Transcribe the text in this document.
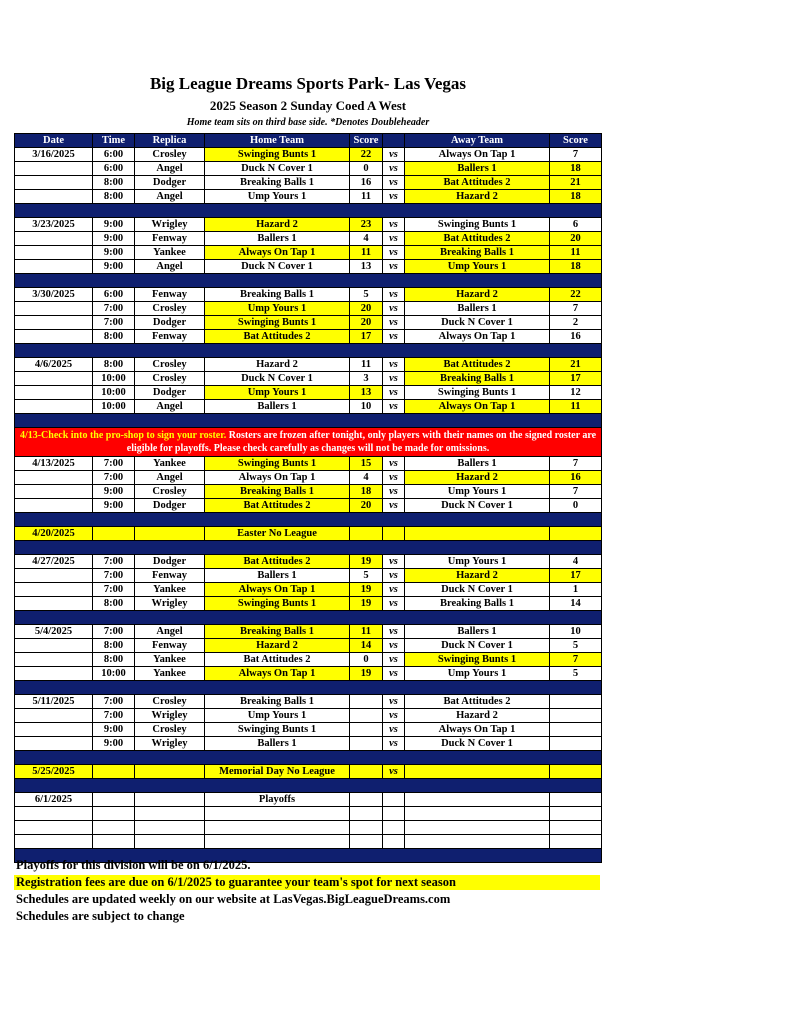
Big League Dreams Sports Park- Las Vegas
2025 Season 2 Sunday Coed A West
Home team sits on third base side. *Denotes Doubleheader
Date	Time	Replica	Home Team	Score		Away Team	Score
3/16/2025	6:00	Crosley	Swinging Bunts 1	22	vs	Always On Tap 1	7
	6:00	Angel	Duck N Cover 1	0	vs	Ballers 1	18
	8:00	Dodger	Breaking Balls 1	16	vs	Bat Attitudes 2	21
	8:00	Angel	Ump Yours 1	11	vs	Hazard 2	18

3/23/2025	9:00	Wrigley	Hazard 2	23	vs	Swinging Bunts 1	6
	9:00	Fenway	Ballers 1	4	vs	Bat Attitudes 2	20
	9:00	Yankee	Always On Tap 1	11	vs	Breaking Balls 1	11
	9:00	Angel	Duck N Cover 1	13	vs	Ump Yours 1	18

3/30/2025	6:00	Fenway	Breaking Balls 1	5	vs	Hazard 2	22
	7:00	Crosley	Ump Yours 1	20	vs	Ballers 1	7
	7:00	Dodger	Swinging Bunts 1	20	vs	Duck N Cover 1	2
	8:00	Fenway	Bat Attitudes 2	17	vs	Always On Tap 1	16

4/6/2025	8:00	Crosley	Hazard 2	11	vs	Bat Attitudes 2	21
	10:00	Crosley	Duck N Cover 1	3	vs	Breaking Balls 1	17
	10:00	Dodger	Ump Yours 1	13	vs	Swinging Bunts 1	12
	10:00	Angel	Ballers 1	10	vs	Always On Tap 1	11

4/13-Check into the pro-shop to sign your roster. Rosters are frozen after tonight, only players with their names on the signed roster are eligible for playoffs. Please check carefully as changes will not be made for omissions.							
4/13/2025	7:00	Yankee	Swinging Bunts 1	15	vs	Ballers 1	7
	7:00	Angel	Always On Tap 1	4	vs	Hazard 2	16
	9:00	Crosley	Breaking Balls 1	18	vs	Ump Yours 1	7
	9:00	Dodger	Bat Attitudes 2	20	vs	Duck N Cover 1	0

4/20/2025			Easter No League				

4/27/2025	7:00	Dodger	Bat Attitudes 2	19	vs	Ump Yours 1	4
	7:00	Fenway	Ballers 1	5	vs	Hazard 2	17
	7:00	Yankee	Always On Tap 1	19	vs	Duck N Cover 1	1
	8:00	Wrigley	Swinging Bunts 1	19	vs	Breaking Balls 1	14

5/4/2025	7:00	Angel	Breaking Balls 1	11	vs	Ballers 1	10
	8:00	Fenway	Hazard 2	14	vs	Duck N Cover 1	5
	8:00	Yankee	Bat Attitudes 2	0	vs	Swinging Bunts 1	7
	10:00	Yankee	Always On Tap 1	19	vs	Ump Yours 1	5

5/11/2025	7:00	Crosley	Breaking Balls 1		vs	Bat Attitudes 2	
	7:00	Wrigley	Ump Yours 1		vs	Hazard 2	
	9:00	Crosley	Swinging Bunts 1		vs	Always On Tap 1	
	9:00	Wrigley	Ballers 1		vs	Duck N Cover 1	

5/25/2025			Memorial Day No League		vs		

6/1/2025			Playoffs				

Playoffs for this division will be on 6/1/2025.
Registration fees are due on 6/1/2025 to guarantee your team's spot for next season
Schedules are updated weekly on our website at LasVegas.BigLeagueDreams.com
Schedules are subject to change
